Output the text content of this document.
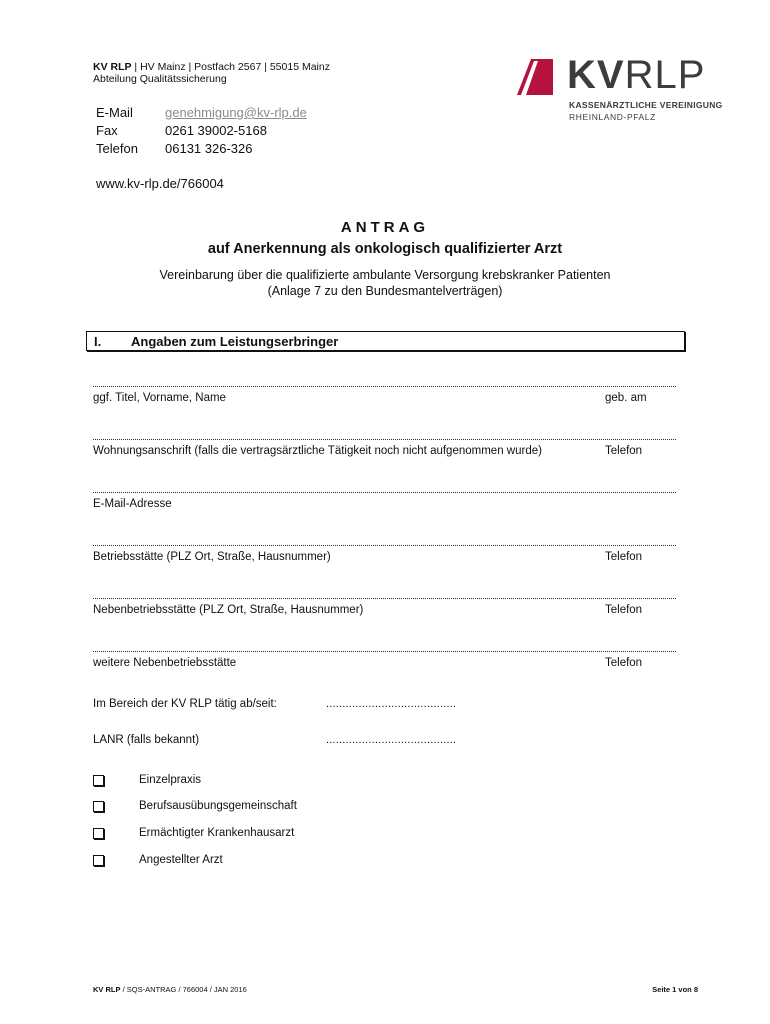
KV RLP | HV Mainz | Postfach 2567 | 55015 Mainz
Abteilung Qualitätssicherung
E-Mail genehmigung@kv-rlp.de
Fax	0261 39002-5168
Telefon 06131 326-326
www.kv-rlp.de/766004
KVRLP
KASSENÄRZTLICHE VEREINIGUNG
RHEINLAND-PFALZ
ANTRAG
auf Anerkennung als onkologisch qualifizierter Arzt
Vereinbarung über die qualifizierte ambulante Versorgung krebskranker Patienten
(Anlage 7 zu den Bundesmantelverträgen)
I. Angaben zum Leistungserbringer
ggf. Titel, Vorname, Name	geb. am
Wohnungsanschrift (falls die vertragsärztliche Tätigkeit noch nicht aufgenommen wurde)	Telefon
E-Mail-Adresse
Betriebsstätte (PLZ Ort, Straße, Hausnummer)	Telefon
Nebenbetriebsstätte (PLZ Ort, Straße, Hausnummer)	Telefon
weitere Nebenbetriebsstätte	Telefon
Im Bereich der KV RLP tätig ab/seit:	........................................
LANR (falls bekannt)	........................................
Einzelpraxis
Berufsausübungsgemeinschaft
Ermächtigter Krankenhausarzt
Angestellter Arzt
KV RLP / SQS-ANTRAG / 766004 / JAN 2016	Seite 1 von 8
